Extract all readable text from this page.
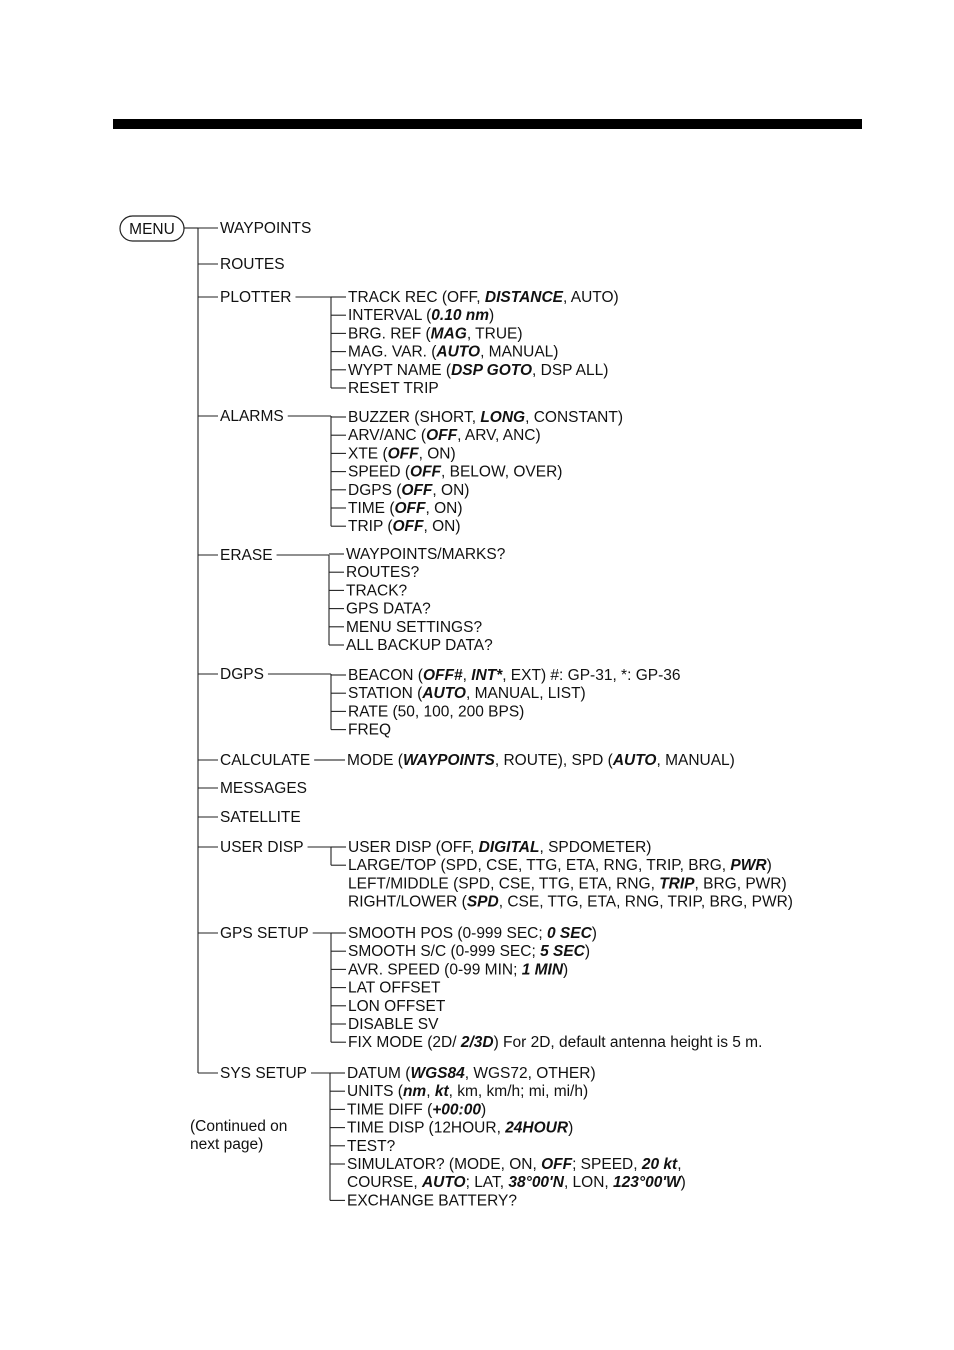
MENU
(Continued on
next page)
WAYPOINTS
ROUTES
PLOTTER	TRACK REC (OFF, DISTANCE, AUTO)
INTERVAL (0.10 nm)
BRG. REF (MAG, TRUE)
MAG. VAR. (AUTO, MANUAL)
WYPT NAME (DSP GOTO, DSP ALL)
RESET TRIP
ALARMS	BUZZER (SHORT, LONG, CONSTANT)
ARV/ANC (OFF, ARV, ANC)
XTE (OFF, ON)
SPEED (OFF, BELOW, OVER)
DGPS (OFF, ON)
TIME (OFF, ON)
TRIP (OFF, ON)
ERASE	WAYPOINTS/MARKS?
ROUTES?
TRACK?
GPS DATA?
MENU SETTINGS?
ALL BACKUP DATA?
DGPS	BEACON (OFF#, INT*, EXT) #: GP-31, *: GP-36
STATION (AUTO, MANUAL, LIST)
RATE (50, 100, 200 BPS)
FREQ
CALCULATE MODE (WAYPOINTS, ROUTE), SPD (AUTO, MANUAL)
MESSAGES
SATELLITE
USER DISP	USER DISP (OFF, DIGITAL, SPDOMETER)
LARGE/TOP (SPD, CSE, TTG, ETA, RNG, TRIP, BRG, PWR)
LEFT/MIDDLE (SPD, CSE, TTG, ETA, RNG, TRIP, BRG, PWR)
RIGHT/LOWER (SPD, CSE, TTG, ETA, RNG, TRIP, BRG, PWR)
GPS SETUP	SMOOTH POS (0-999 SEC; 0 SEC)
SMOOTH S/C (0-999 SEC; 5 SEC)
AVR. SPEED (0-99 MIN; 1 MIN)
LAT OFFSET
LON OFFSET
DISABLE SV
FIX MODE (2D/ 2/3D) For 2D, default antenna height is 5 m.
SYS SETUP	DATUM (WGS84, WGS72, OTHER)
UNITS (nm, kt, km, km/h; mi, mi/h)
TIME DIFF (+00:00)
TIME DISP (12HOUR, 24HOUR)
TEST?
SIMULATOR? (MODE, ON, OFF; SPEED, 20 kt,
COURSE, AUTO; LAT, 38°00'N, LON, 123°00'W)
EXCHANGE BATTERY?
